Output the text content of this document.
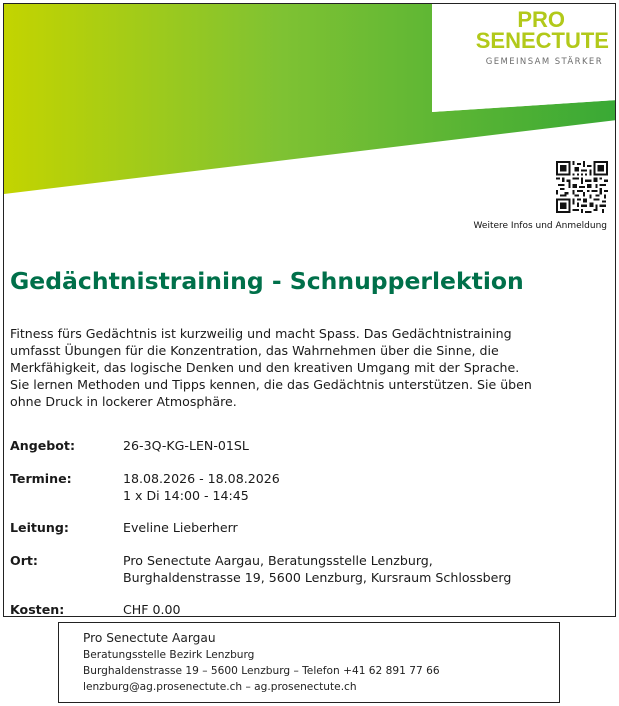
PRO
SENECTUTE
GEMEINSAM STÄRKER
Weitere Infos und Anmeldung
Gedächtnistraining - Schnupperlektion
Fitness fürs Gedächtnis ist kurzweilig und macht Spass. Das Gedächtnistraining
umfasst Übungen für die Konzentration, das Wahrnehmen über die Sinne, die
Merkfähigkeit, das logische Denken und den kreativen Umgang mit der Sprache.
Sie lernen Methoden und Tipps kennen, die das Gedächtnis unterstützen. Sie üben
ohne Druck in lockerer Atmosphäre.
Angebot:	26-3Q-KG-LEN-01SL
Termine:	18.08.2026 - 18.08.2026
1 x Di 14:00 - 14:45
Leitung:	Eveline Lieberherr
Ort:	Pro Senectute Aargau, Beratungsstelle Lenzburg,
Burghaldenstrasse 19, 5600 Lenzburg, Kursraum Schlossberg
Kosten:	CHF 0.00
Pro Senectute Aargau
Beratungsstelle Bezirk Lenzburg
Burghaldenstrasse 19 – 5600 Lenzburg – Telefon +41 62 891 77 66
lenzburg@ag.prosenectute.ch – ag.prosenectute.ch
